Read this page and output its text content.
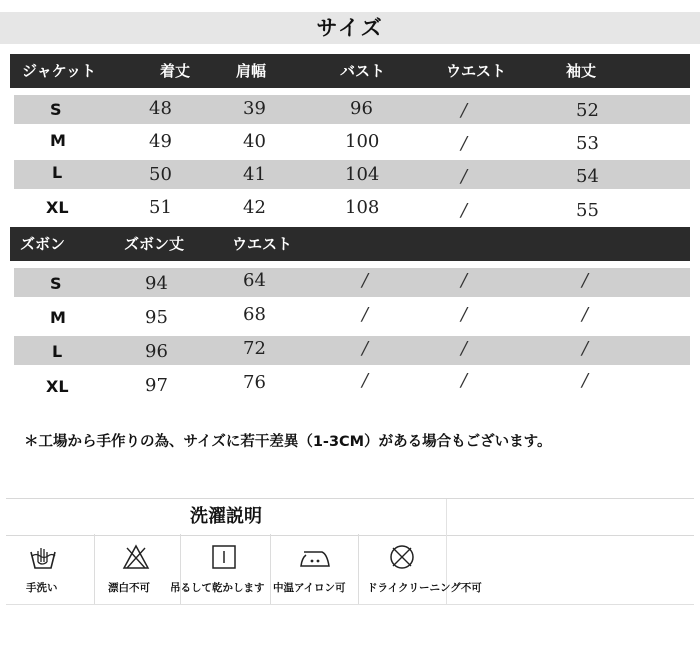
サイズ
ジャケット	着丈	肩幅	バスト	ウエスト	袖丈
S	48	39	96	/	52
M	49	40	100	/	53
L	50	41	104	/	54
XL	51	42	108	/	55
ズボン	ズボン丈	ウエスト
S	94	64	/	/	/
M	95	68	/	/	/
L	96	72	/	/	/
XL	97	76	/	/	/
＊工場から手作りの為、サイズに若干差異（1-3CM）がある場合もございます。
洗濯説明
手洗い	漂白不可 吊るして乾かします 中温アイロン可 ドライクリーニング不可
